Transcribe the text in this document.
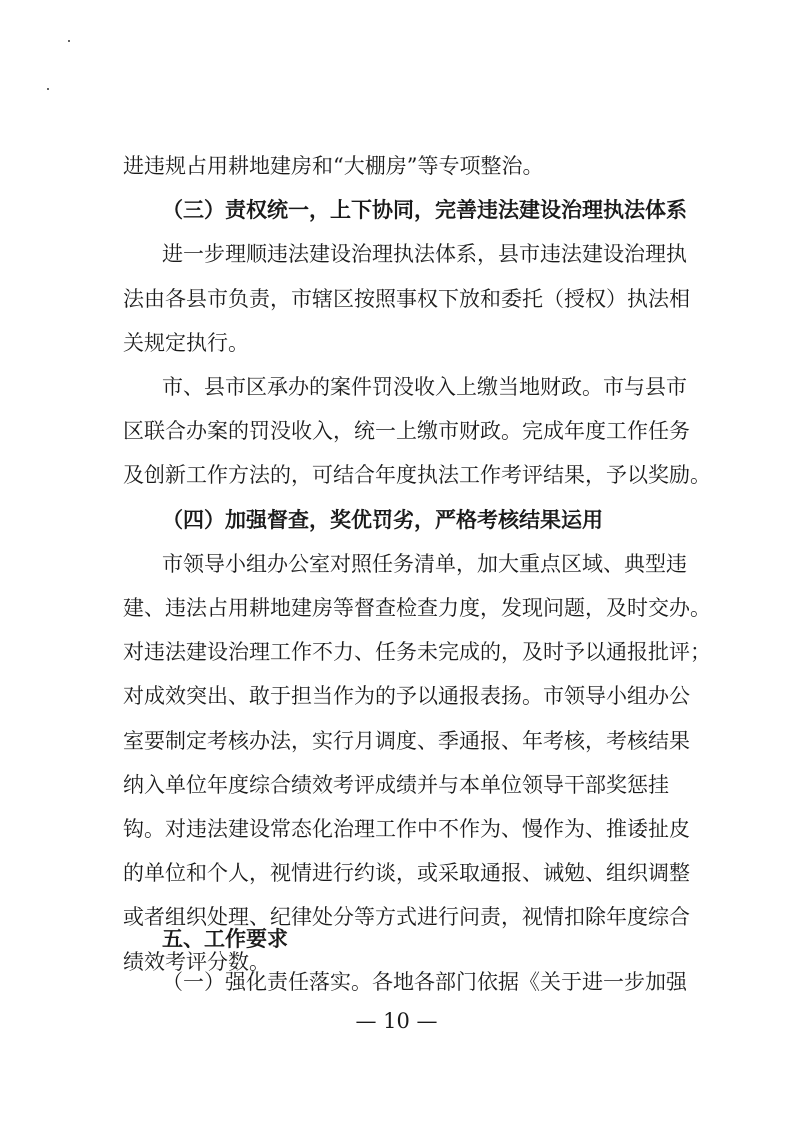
进违规占用耕地建房和“大棚房”等专项整治。
（三）责权统一，上下协同，完善违法建设治理执法体系
进一步理顺违法建设治理执法体系，县市违法建设治理执
法由各县市负责，市辖区按照事权下放和委托（授权）执法相
关规定执行。
市、县市区承办的案件罚没收入上缴当地财政。市与县市
区联合办案的罚没收入，统一上缴市财政。完成年度工作任务
及创新工作方法的，可结合年度执法工作考评结果，予以奖励。
（四）加强督查，奖优罚劣，严格考核结果运用
市领导小组办公室对照任务清单，加大重点区域、典型违
建、违法占用耕地建房等督查检查力度，发现问题，及时交办。
对违法建设治理工作不力、任务未完成的，及时予以通报批评；
对成效突出、敢于担当作为的予以通报表扬。市领导小组办公
室要制定考核办法，实行月调度、季通报、年考核，考核结果
纳入单位年度综合绩效考评成绩并与本单位领导干部奖惩挂
钩。对违法建设常态化治理工作中不作为、慢作为、推诿扯皮
的单位和个人，视情进行约谈，或采取通报、诫勉、组织调整
或者组织处理、纪律处分等方式进行问责，视情扣除年度综合
绩效考评分数。
五、工作要求
（一）强化责任落实。各地各部门依据《关于进一步加强
— 10 —
